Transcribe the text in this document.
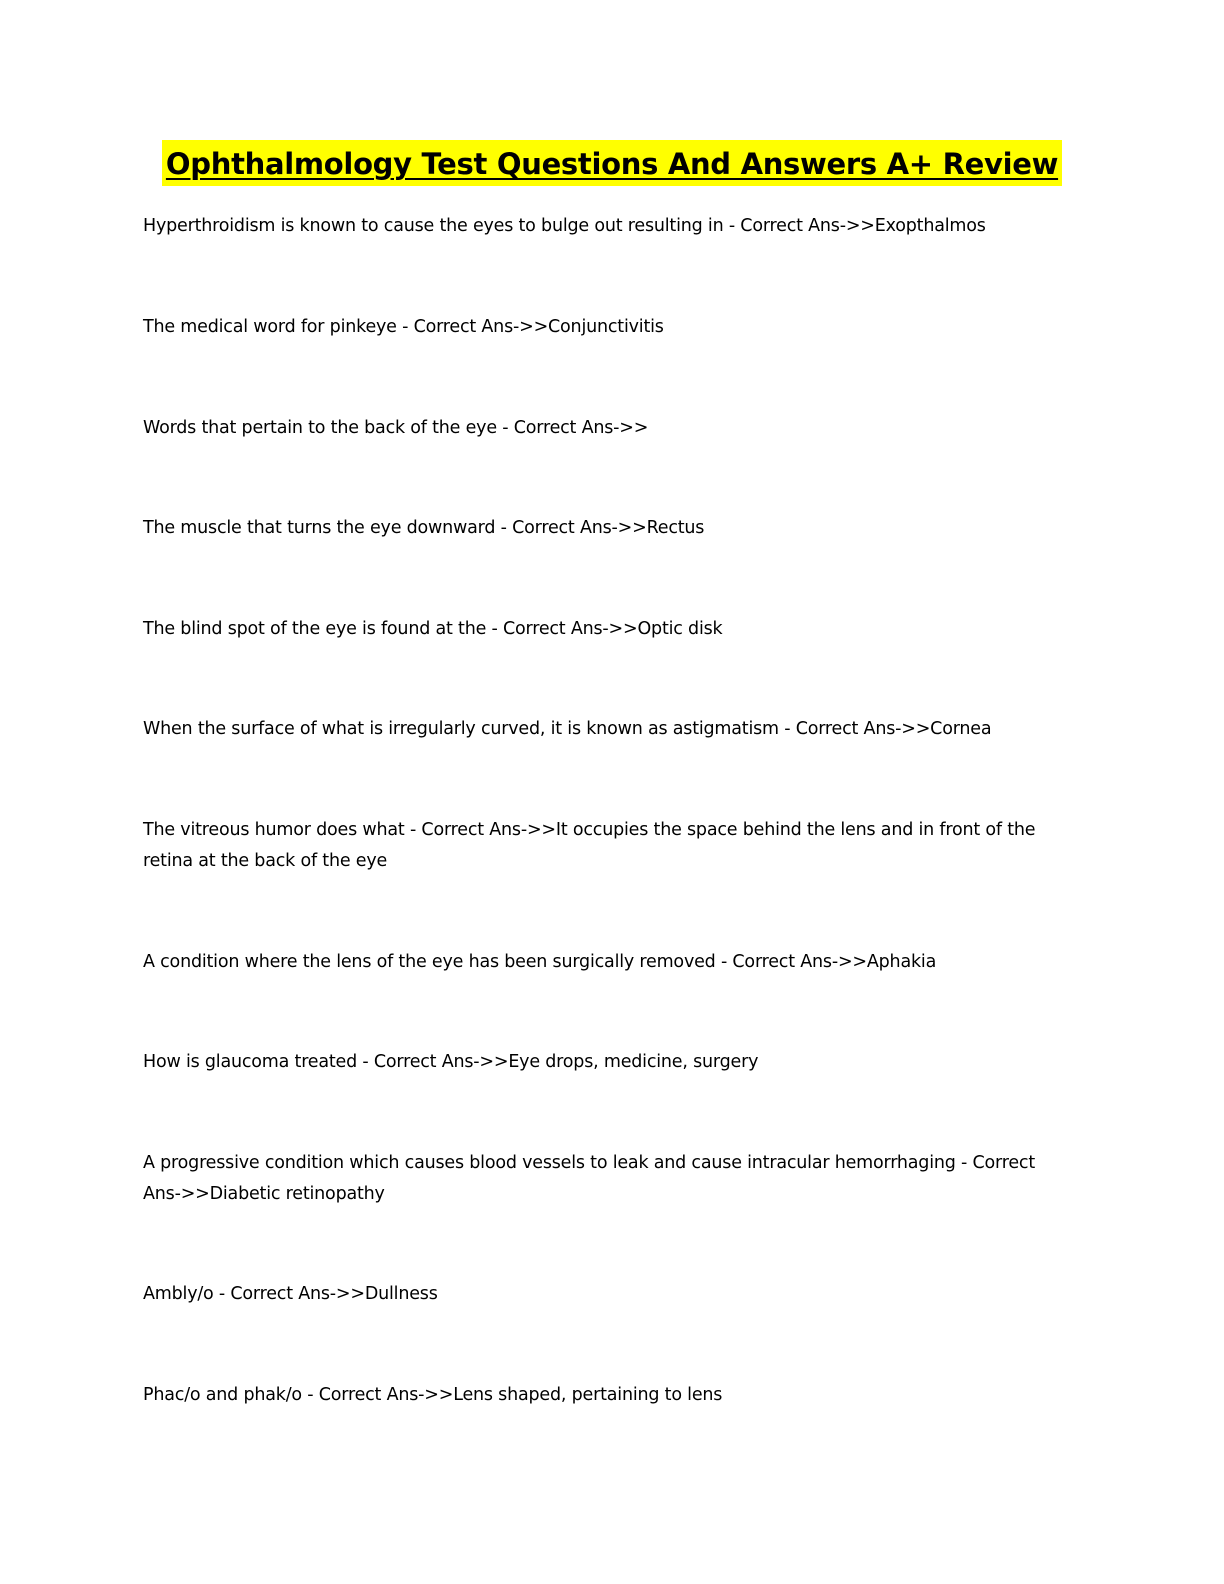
Ophthalmology Test Questions And Answers A+ Review
Hyperthroidism is known to cause the eyes to bulge out resulting in - Correct Ans->>Exopthalmos
The medical word for pinkeye - Correct Ans->>Conjunctivitis
Words that pertain to the back of the eye - Correct Ans->>
The muscle that turns the eye downward - Correct Ans->>Rectus
The blind spot of the eye is found at the - Correct Ans->>Optic disk
When the surface of what is irregularly curved, it is known as astigmatism - Correct Ans->>Cornea
The vitreous humor does what - Correct Ans->>It occupies the space behind the lens and in front of the retina at the back of the eye
A condition where the lens of the eye has been surgically removed - Correct Ans->>Aphakia
How is glaucoma treated - Correct Ans->>Eye drops, medicine, surgery
A progressive condition which causes blood vessels to leak and cause intracular hemorrhaging - Correct Ans->>Diabetic retinopathy
Ambly/o - Correct Ans->>Dullness
Phac/o and phak/o - Correct Ans->>Lens shaped, pertaining to lens
